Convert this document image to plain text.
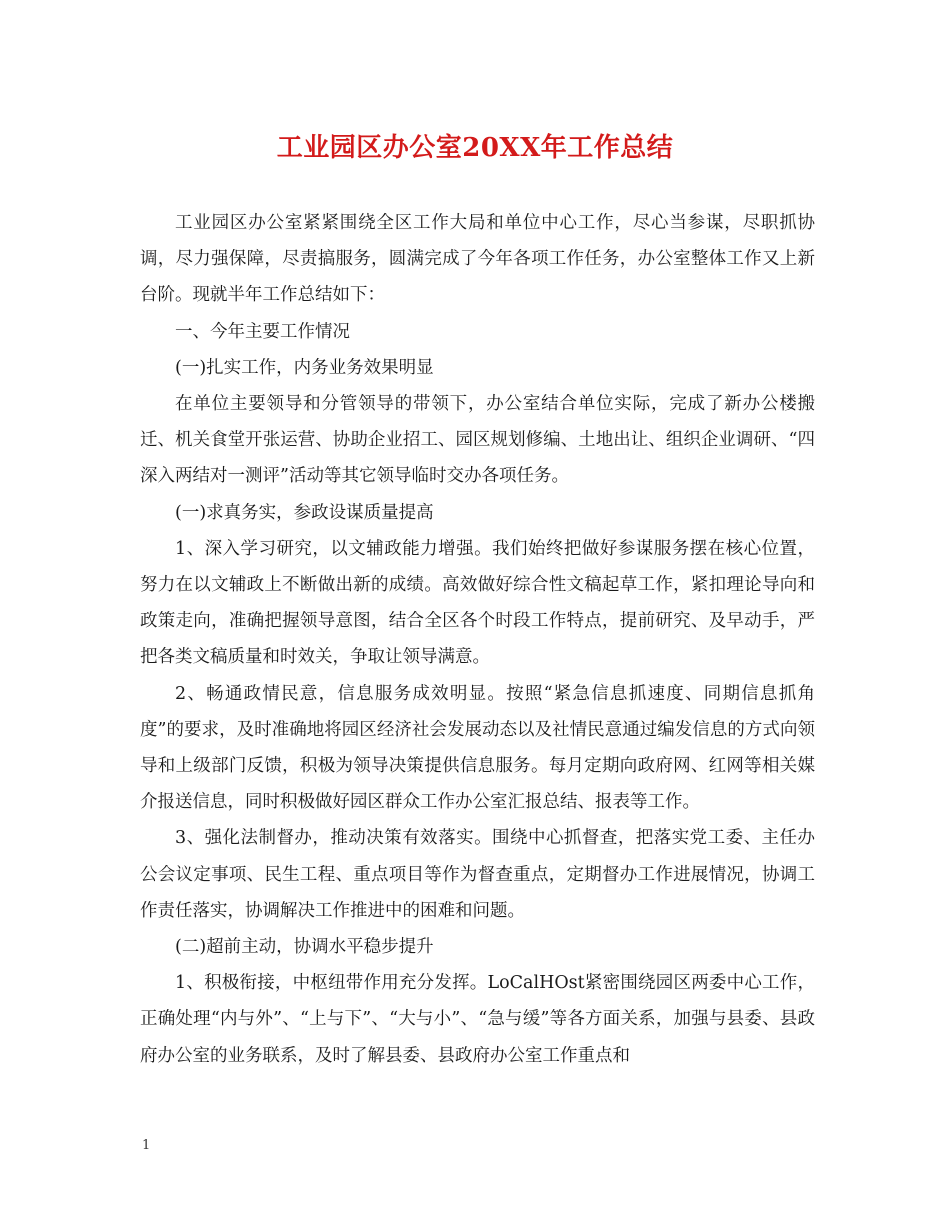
工业园区办公室20XX年工作总结

工业园区办公室紧紧围绕全区工作大局和单位中心工作，尽心当参谋，尽职抓协调，尽力强保障，尽责搞服务，圆满完成了今年各项工作任务，办公室整体工作又上新台阶。现就半年工作总结如下：

一、今年主要工作情况

(一)扎实工作，内务业务效果明显

在单位主要领导和分管领导的带领下，办公室结合单位实际，完成了新办公楼搬迁、机关食堂开张运营、协助企业招工、园区规划修编、土地出让、组织企业调研、“四深入两结对一测评”活动等其它领导临时交办各项任务。

(一)求真务实，参政设谋质量提高

1、深入学习研究，以文辅政能力增强。我们始终把做好参谋服务摆在核心位置，努力在以文辅政上不断做出新的成绩。高效做好综合性文稿起草工作，紧扣理论导向和政策走向，准确把握领导意图，结合全区各个时段工作特点，提前研究、及早动手，严把各类文稿质量和时效关，争取让领导满意。

2、畅通政情民意，信息服务成效明显。按照“紧急信息抓速度、同期信息抓角度”的要求，及时准确地将园区经济社会发展动态以及社情民意通过编发信息的方式向领导和上级部门反馈，积极为领导决策提供信息服务。每月定期向政府网、红网等相关媒介报送信息，同时积极做好园区群众工作办公室汇报总结、报表等工作。

3、强化法制督办，推动决策有效落实。围绕中心抓督查，把落实党工委、主任办公会议定事项、民生工程、重点项目等作为督查重点，定期督办工作进展情况，协调工作责任落实，协调解决工作推进中的困难和问题。

(二)超前主动，协调水平稳步提升

1、积极衔接，中枢纽带作用充分发挥。LoCalHOst紧密围绕园区两委中心工作，正确处理“内与外”、“上与下”、“大与小”、“急与缓”等各方面关系，加强与县委、县政府办公室的业务联系，及时了解县委、县政府办公室工作重点和

1
